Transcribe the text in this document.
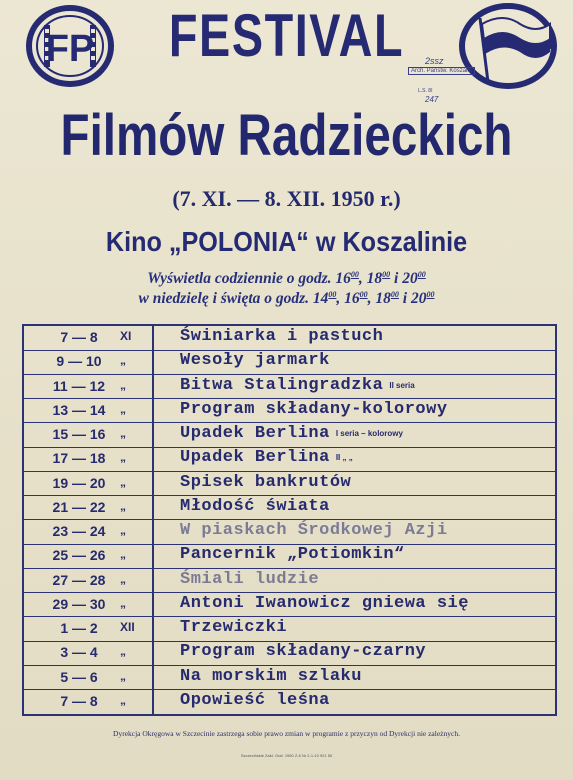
FP	FESTIVAL	2ssz
Arch. Państw. Koszalin
L.S. 8I
247
Filmów Radzieckich
(7. XI. — 8. XII. 1950 r.)
Kino „POLONIA“ w Koszalinie
Wyświetla codziennie o godz. $16^{00}$, $18^{00}$ i $20^{00}$
w niedzielę i święta o godz. $14^{00}$, $16^{00}$, $18^{00}$ i $20^{00}$
7 — 8	XI	Świniarka i pastuch
9 — 10	„	Wesoły jarmark
11 — 12	„	Bitwa Stalingradzka II seria
13 — 14	„	Program składany-kolorowy
15 — 16	„	Upadek Berlina I seria – kolorowy
17 — 18	„	Upadek Berlina II „ „
19 — 20	„	Spisek bankrutów
21 — 22	„	Młodość świata
23 — 24	„	W piaskach Środkowej Azji
25 — 26	„	Pancernik „Potiomkin“
27 — 28	„	Śmiali ludzie
29 — 30	„	Antoni Iwanowicz gniewa się
1 — 2	XII	Trzewiczki
3 — 4	„	Program składany-czarny
5 — 6	„	Na morskim szlaku
7 — 8	„	Opowieść leśna
Dyrekcja Okręgowa w Szczecinie zastrzega sobie prawo zmian w programie z przyczyn od Dyrekcji nie zależnych.
Szczecińskie Zakł. Graf. 1950 Z-6 Nr 2-1-10 921 50
